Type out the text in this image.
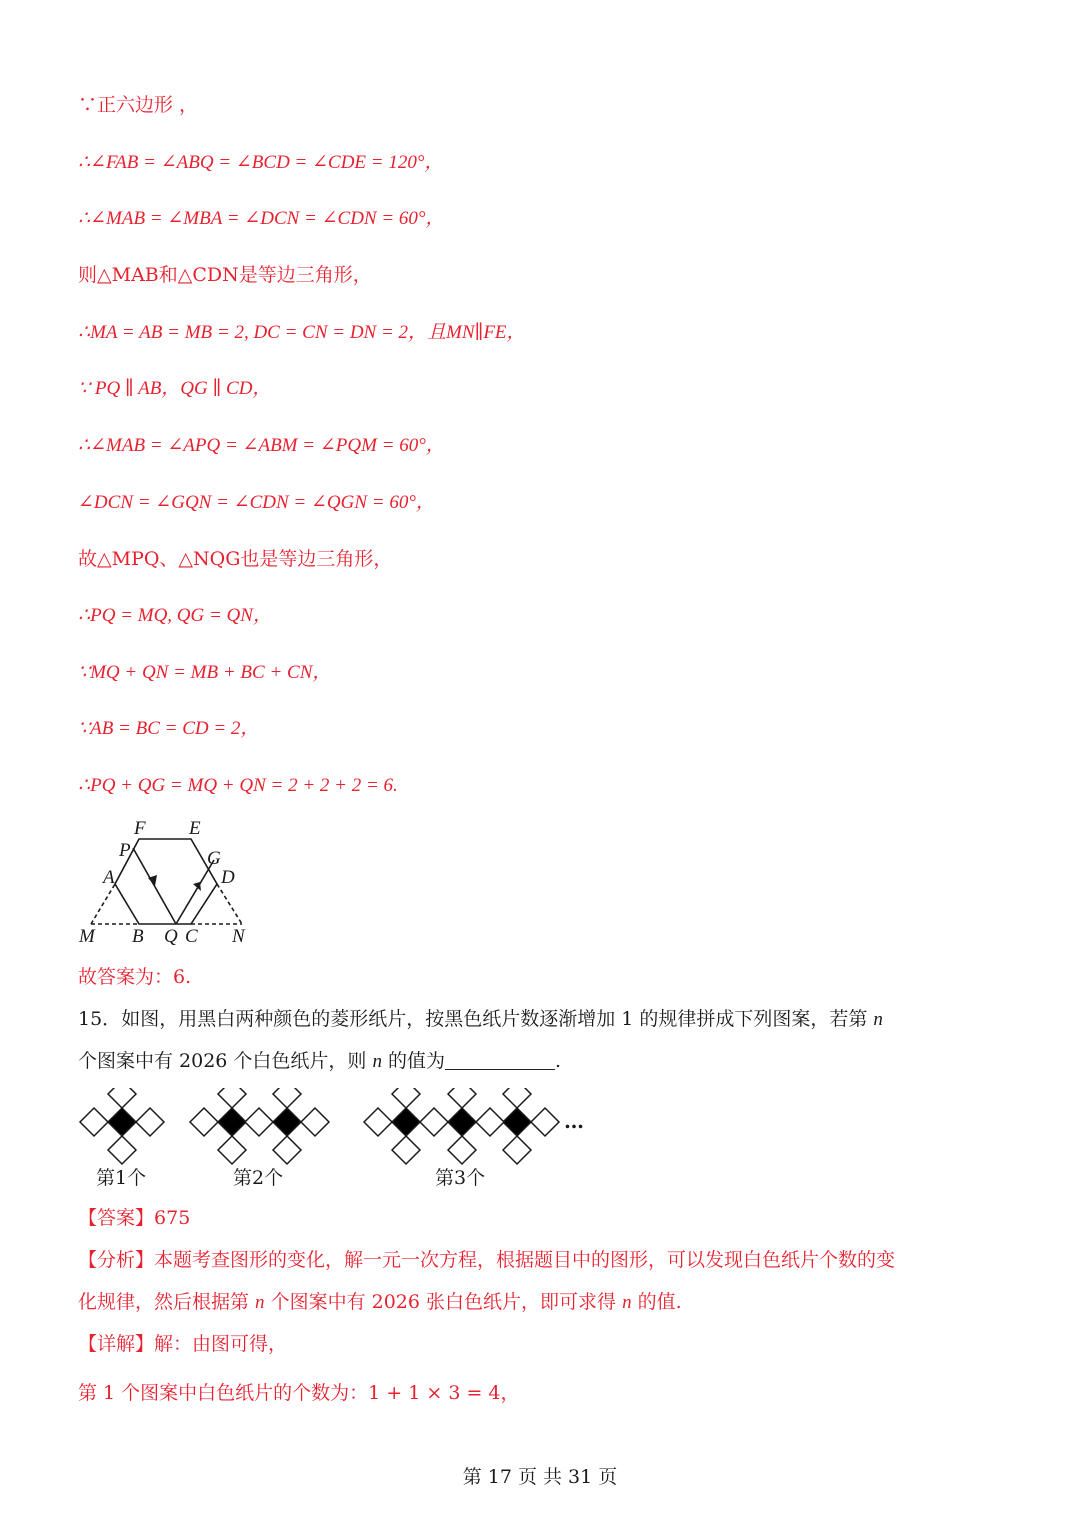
∵正六边形 ，
∴∠FAB = ∠ABQ = ∠BCD = ∠CDE = 120°，
∴∠MAB = ∠MBA = ∠DCN = ∠CDN = 60°，
则△MAB和△CDN是等边三角形，
∴MA = AB = MB = 2, DC = CN = DN = 2，且MN∥FE，
∵ PQ ∥ AB，QG ∥ CD，
∴∠MAB = ∠APQ = ∠ABM = ∠PQM = 60°，
∠DCN = ∠GQN = ∠CDN = ∠QGN = 60°，
故△MPQ、△NQG也是等边三角形，
∴PQ = MQ, QG = QN，
∵MQ + QN = MB + BC + CN，
∵AB = BC = CD = 2，
∴PQ + QG = MQ + QN = 2 + 2 + 2 = 6.
F E
P	G
A	D
M B Q C N
故答案为：6.
15．如图，用黑白两种颜色的菱形纸片，按黑色纸片数逐渐增加 1 的规律拼成下列图案，若第 n
个图案中有 2026 个白色纸片，则 n 的值为	.
…
第1个	第2个	第3个
【答案】675
【分析】本题考查图形的变化，解一元一次方程，根据题目中的图形，可以发现白色纸片个数的变
化规律，然后根据第 n 个图案中有 2026 张白色纸片，即可求得 n 的值.
【详解】解：由图可得，
第 1 个图案中白色纸片的个数为：1 + 1 × 3 = 4，
第 17 页 共 31 页
